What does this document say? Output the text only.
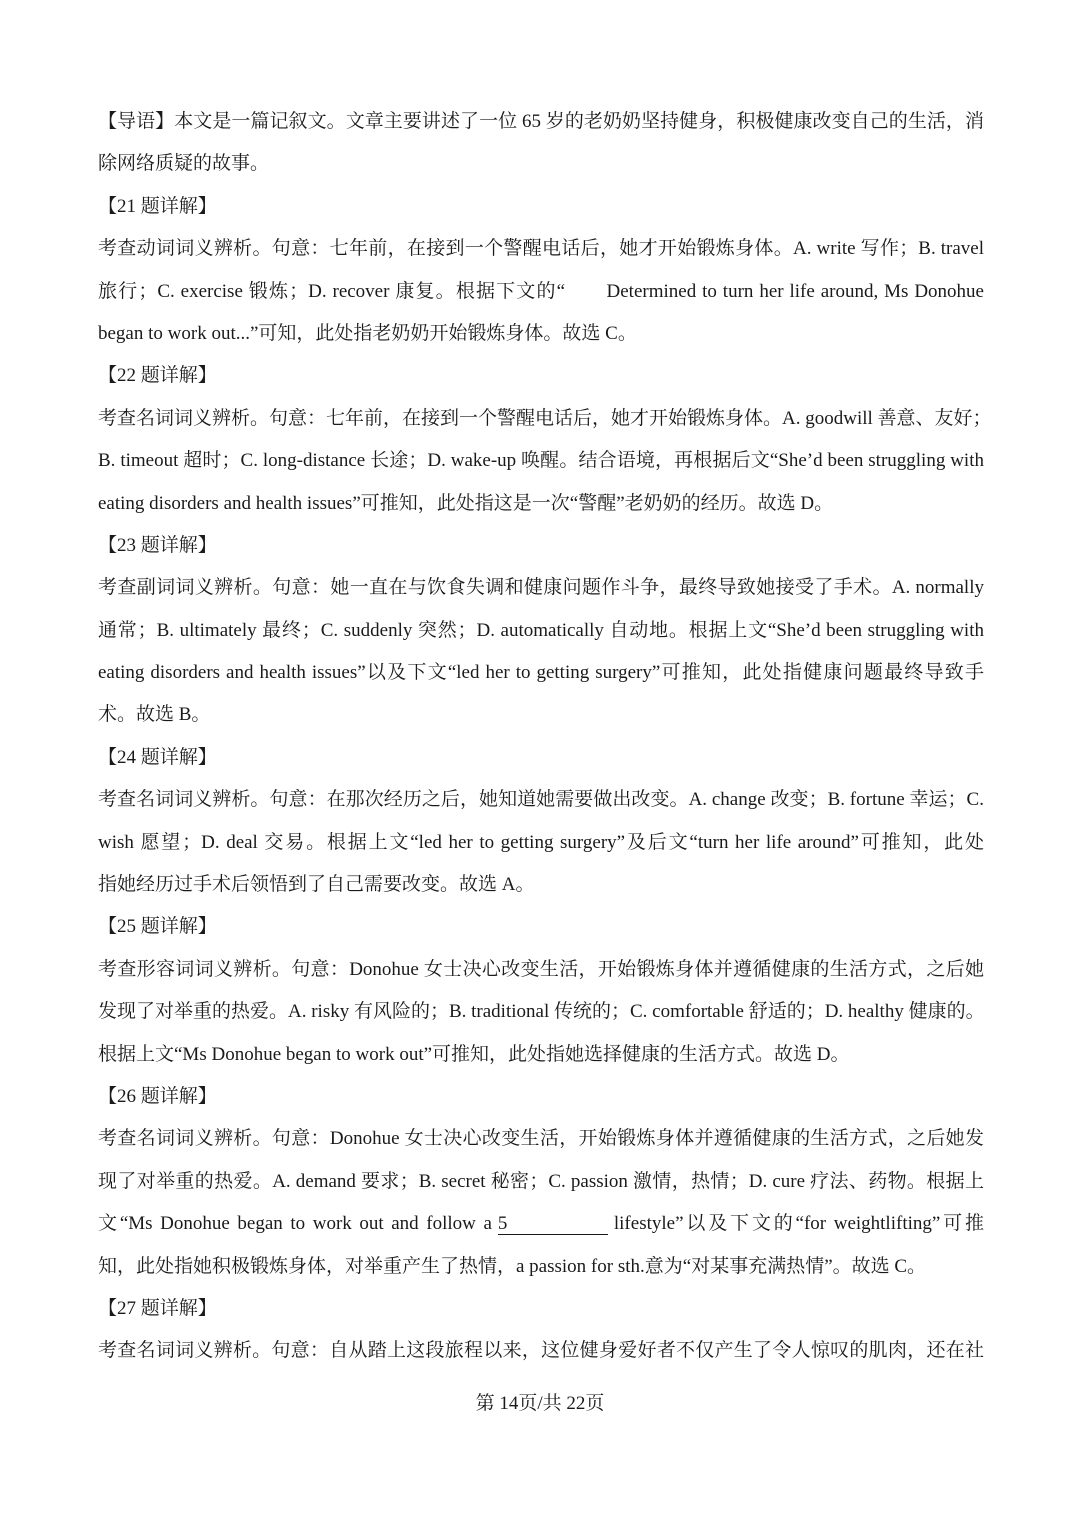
【导语】本文是一篇记叙文。文章主要讲述了一位 65 岁的老奶奶坚持健身，积极健康改变自己的生活，消
除网络质疑的故事。
【21 题详解】
考查动词词义辨析。句意：七年前，在接到一个警醒电话后，她才开始锻炼身体。A. write 写作；B. travel
旅行；C. exercise 锻炼；D. recover 康复。根据下文的“　　Determined to turn her life around, Ms Donohue
began to work out...”可知，此处指老奶奶开始锻炼身体。故选 C。
【22 题详解】
考查名词词义辨析。句意：七年前，在接到一个警醒电话后，她才开始锻炼身体。A. goodwill 善意、友好；
B. timeout 超时；C. long-distance 长途；D. wake-up 唤醒。结合语境，再根据后文“She’d been struggling with
eating disorders and health issues”可推知，此处指这是一次“警醒”老奶奶的经历。故选 D。
【23 题详解】
考查副词词义辨析。句意：她一直在与饮食失调和健康问题作斗争，最终导致她接受了手术。A. normally
通常；B. ultimately 最终；C. suddenly 突然；D. automatically 自动地。根据上文“She’d been struggling with
eating disorders and health issues”以及下文“led her to getting surgery”可推知，此处指健康问题最终导致手
术。故选 B。
【24 题详解】
考查名词词义辨析。句意：在那次经历之后，她知道她需要做出改变。A. change 改变；B. fortune 幸运；C.
wish 愿望；D. deal 交易。根据上文“led her to getting surgery”及后文“turn her life around”可推知，此处
指她经历过手术后领悟到了自己需要改变。故选 A。
【25 题详解】
考查形容词词义辨析。句意：Donohue 女士决心改变生活，开始锻炼身体并遵循健康的生活方式，之后她
发现了对举重的热爱。A. risky 有风险的；B. traditional 传统的；C. comfortable 舒适的；D. healthy 健康的。
根据上文“Ms Donohue began to work out”可推知，此处指她选择健康的生活方式。故选 D。
【26 题详解】
考查名词词义辨析。句意：Donohue 女士决心改变生活，开始锻炼身体并遵循健康的生活方式，之后她发
现了对举重的热爱。A. demand 要求；B. secret 秘密；C. passion 激情，热情；D. cure 疗法、药物。根据上
文“Ms Donohue began to work out and follow a 5	lifestyle”以及下文的“for weightlifting”可推
知，此处指她积极锻炼身体，对举重产生了热情，a passion for sth.意为“对某事充满热情”。故选 C。
【27 题详解】
考查名词词义辨析。句意：自从踏上这段旅程以来，这位健身爱好者不仅产生了令人惊叹的肌肉，还在社
第 14页/共 22页
